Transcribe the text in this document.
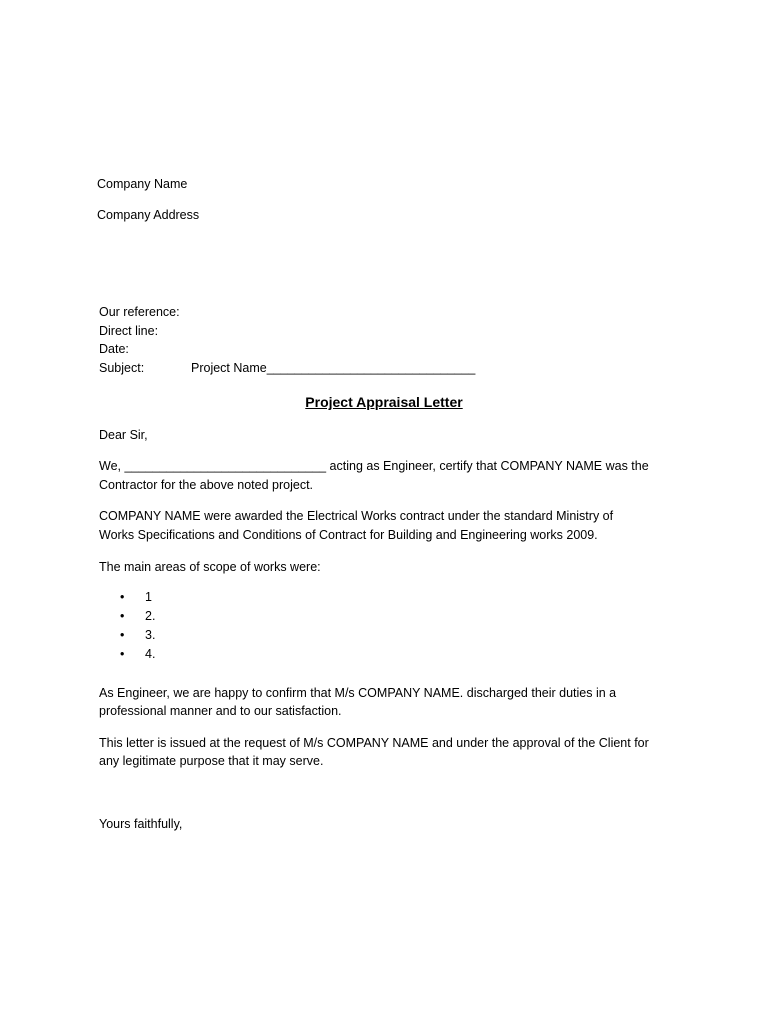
Company Name
Company Address
Our reference:
Direct line:
Date:
Subject:	Project Name______________________________
Project Appraisal Letter
Dear Sir,
We, _____________________________ acting as Engineer, certify that COMPANY NAME was the
Contractor for the above noted project.
COMPANY NAME were awarded the Electrical Works contract under the standard Ministry of
Works Specifications and Conditions of Contract for Building and Engineering works 2009.
The main areas of scope of works were:
• 1
• 2.
• 3.
• 4.
As Engineer, we are happy to confirm that M/s COMPANY NAME. discharged their duties in a
professional manner and to our satisfaction.
This letter is issued at the request of M/s COMPANY NAME and under the approval of the Client for
any legitimate purpose that it may serve.
Yours faithfully,
